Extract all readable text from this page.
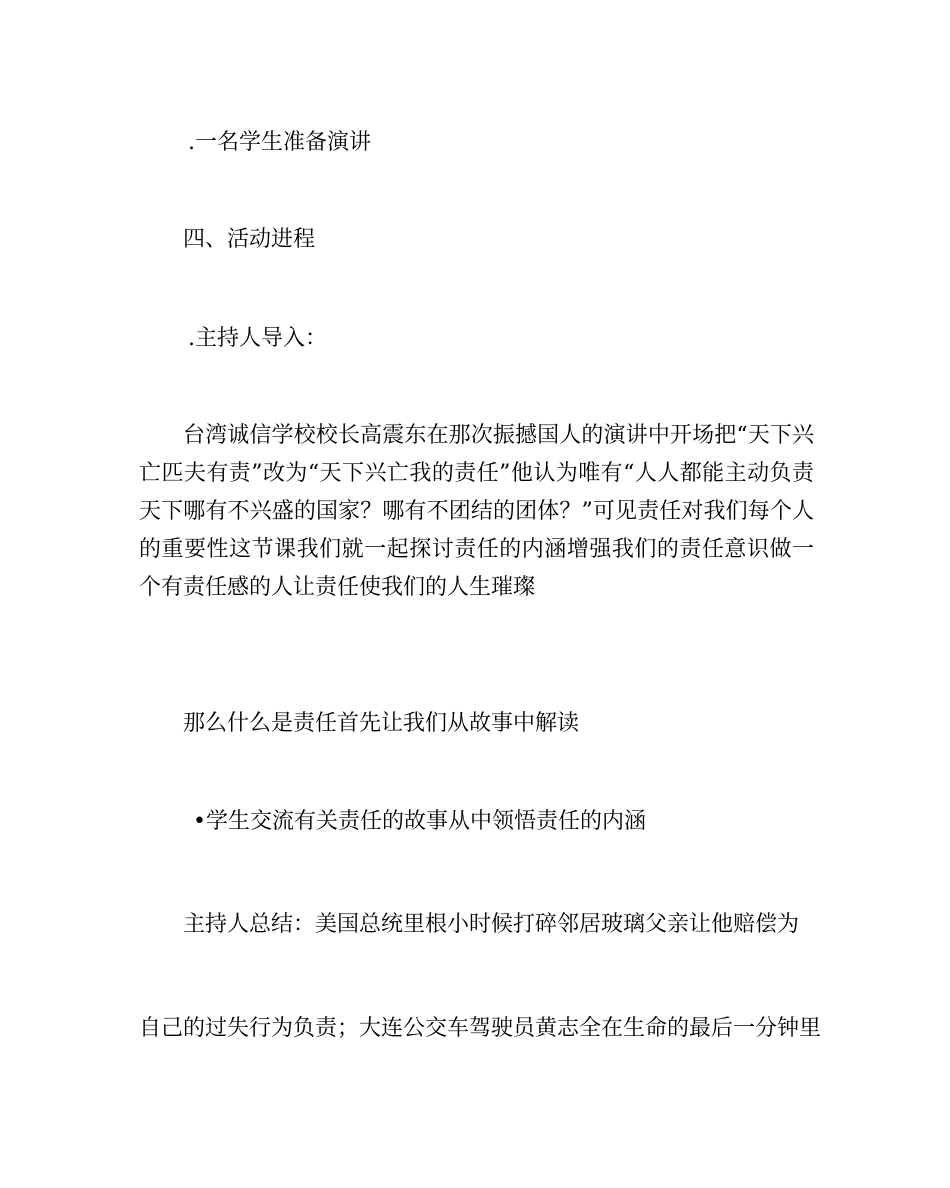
.一名学生准备演讲

四、活动进程

.主持人导入：

台湾诚信学校校长高震东在那次振撼国人的演讲中开场把“天下兴亡匹夫有责”改为“天下兴亡我的责任”他认为唯有“人人都能主动负责天下哪有不兴盛的国家？哪有不团结的团体？”可见责任对我们每个人的重要性这节课我们就一起探讨责任的内涵增强我们的责任意识做一个有责任感的人让责任使我们的人生璀璨

那么什么是责任首先让我们从故事中解读

•学生交流有关责任的故事从中领悟责任的内涵

主持人总结：美国总统里根小时候打碎邻居玻璃父亲让他赔偿为

自己的过失行为负责；大连公交车驾驶员黄志全在生命的最后一分钟里
